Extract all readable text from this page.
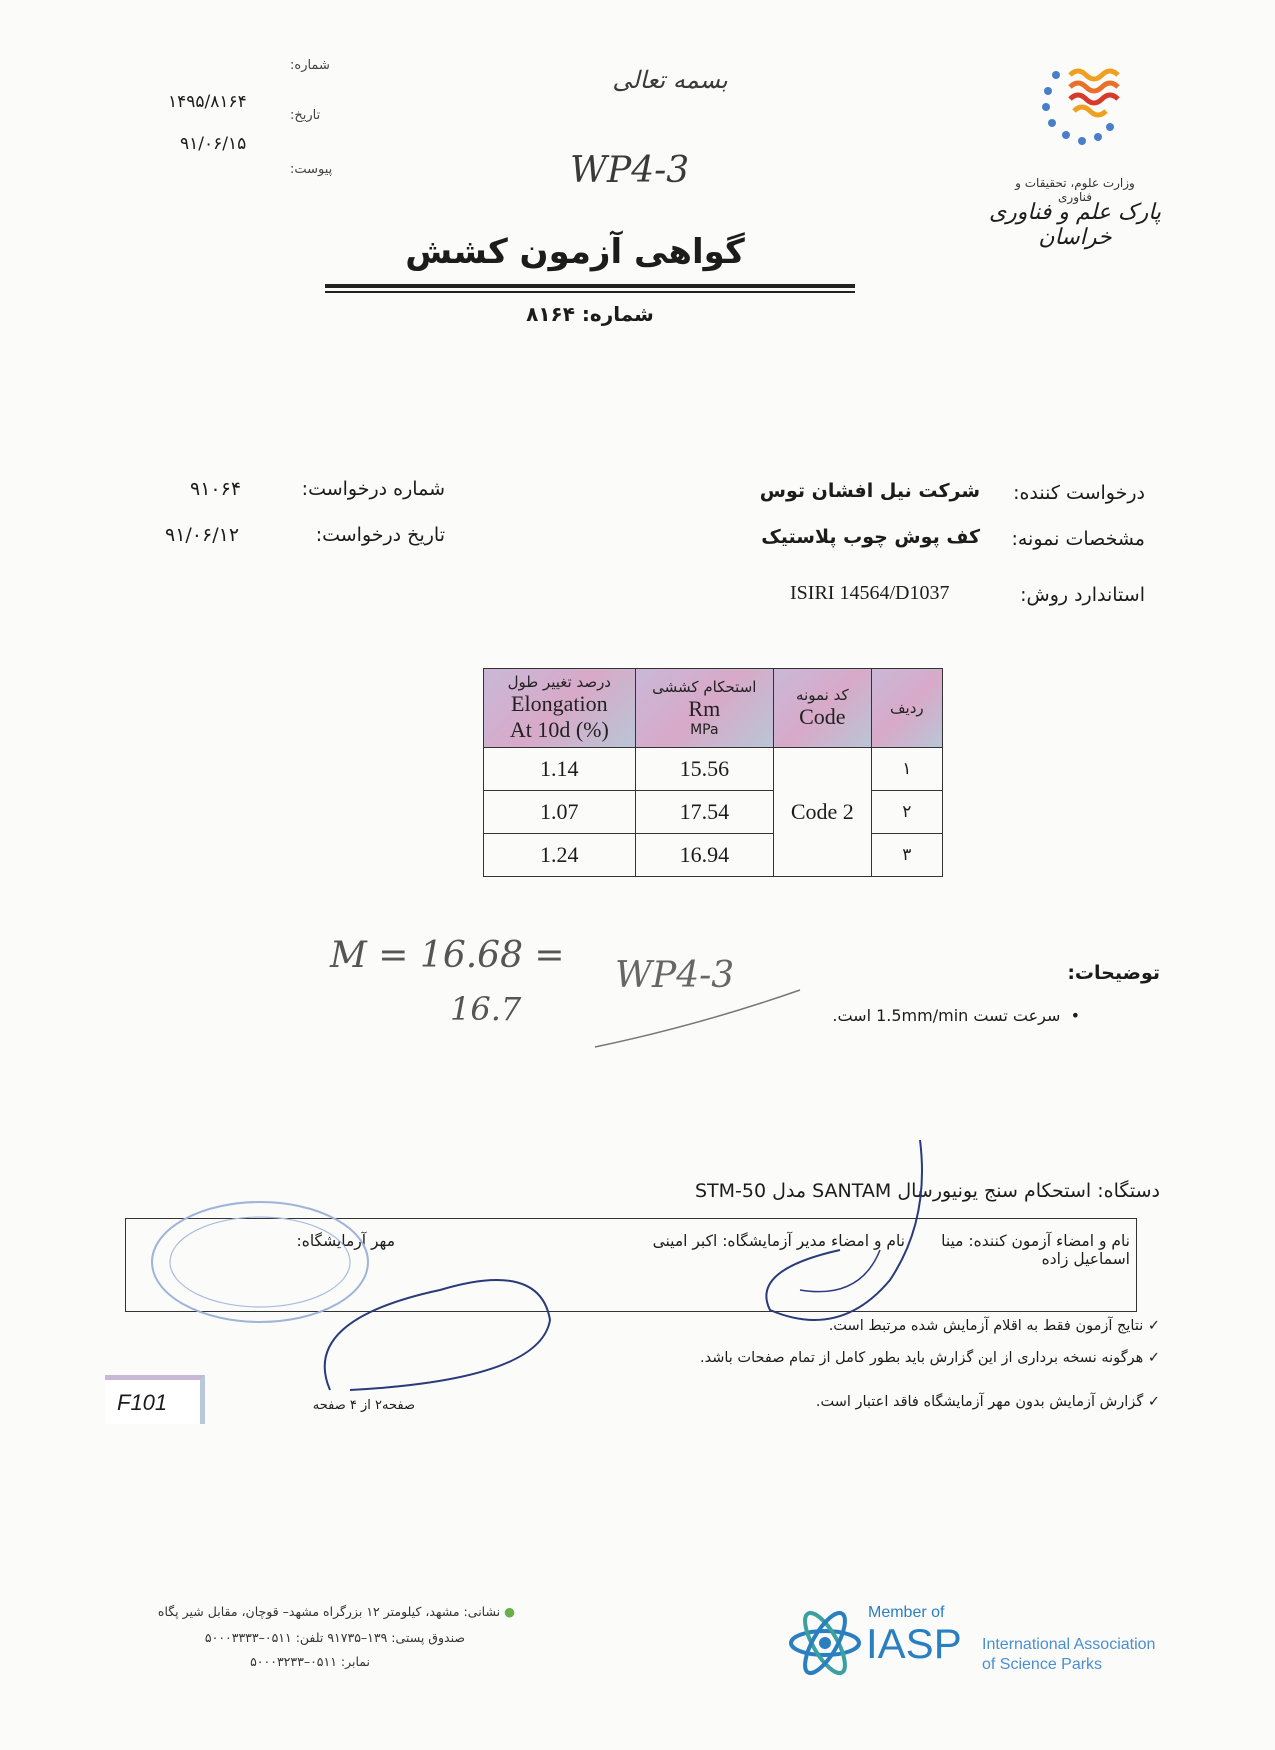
وزارت علوم، تحقیقات و فناوری
پارک علم و فناوری خراسان
بسمه تعالی
WP4-3
شماره:
۱۴۹۵/۸۱۶۴
تاریخ:
۹۱/۰۶/۱۵
پیوست:
گواهی آزمون کشش
شماره: ۸۱۶۴
درخواست کننده:
شرکت نیل افشان توس
مشخصات نمونه:
کف پوش چوب پلاستیک
استاندارد روش:
ISIRI 14564/D1037
شماره درخواست:
۹۱۰۶۴
تاریخ درخواست:
۹۱/۰۶/۱۲
درصد تغییر طول
Elongation
At 10d (%)	استحکام کششی
Rm
MPa	کد نمونه
Code	ردیف

1.14	15.56	Code 2	۱
1.07	17.54		۲
1.24	16.94		۳
M = 16.68 =
16.7
WP4-3	توضیحات:
•  سرعت تست 1.5mm/min است.
دستگاه: استحکام سنج یونیورسال SANTAM مدل STM-50
نام و امضاء آزمون کننده: مینا اسماعیل زاده
نام و امضاء مدیر آزمایشگاه: اکبر امینی
مهر آزمایشگاه:
✓ نتایج آزمون فقط به اقلام آزمایش شده مرتبط است.
✓ هرگونه نسخه برداری از این گزارش باید بطور کامل از تمام صفحات باشد.
✓ گزارش آزمایش بدون مهر آزمایشگاه فاقد اعتبار است.
F101	صفحه۲ از ۴ صفحه
● نشانی: مشهد، کیلومتر ۱۲ بزرگراه مشهد– قوچان، مقابل شیر پگاه
صندوق پستی: ۱۳۹–۹۱۷۳۵ تلفن: ۰۵۱۱–۵۰۰۰۳۳۳۳
نمابر: ۰۵۱۱–۵۰۰۰۳۲۳۳
Member of
IASP International Association
of Science Parks
